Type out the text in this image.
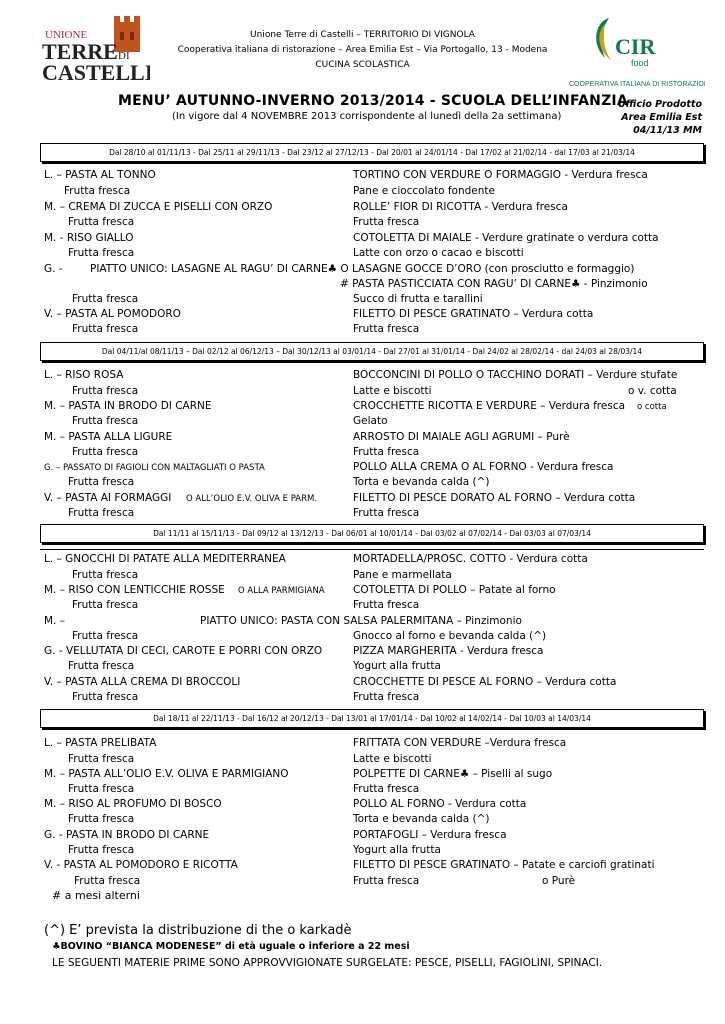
UNIONE
TERRE DI
CASTELLI
Unione Terre di Castelli – TERRITORIO DI VIGNOLA
Cooperativa italiana di ristorazione – Area Emilia Est – Via Portogallo, 13 - Modena
CUCINA SCOLASTICA
CIR
food
COOPERATIVA ITALIANA DI RISTORAZIONE
MENU’ AUTUNNO-INVERNO 2013/2014 - SCUOLA DELL’INFANZIA
(In vigore dal 4 NOVEMBRE 2013 corrispondente al lunedì della 2a settimana)
Ufficio Prodotto
Area Emilia Est
04/11/13 MM
Dal 28/10 al 01/11/13 - Dal 25/11 al 29/11/13 - Dal 23/12 al 27/12/13 - Dal 20/01 al 24/01/14 - Dal 17/02 al 21/02/14 - dal 17/03 al 21/03/14
L. – PASTA AL TONNO	TORTINO CON VERDURE O FORMAGGIO - Verdura fresca
Frutta fresca	Pane e cioccolato fondente
M. – CREMA DI ZUCCA E PISELLI CON ORZO	ROLLE’ FIOR DI RICOTTA - Verdura fresca
Frutta fresca	Frutta fresca
M. - RISO GIALLO	COTOLETTA DI MAIALE - Verdure gratinate o verdura cotta
Frutta fresca	Latte con orzo o cacao e biscotti
G. -	PIATTO UNICO: LASAGNE AL RAGU’ DI CARNE♣ O LASAGNE GOCCE D’ORO (con prosciutto e formaggio)
# PASTA PASTICCIATA CON RAGU’ DI CARNE♣ - Pinzimonio
Frutta fresca	Succo di frutta e tarallini
V. – PASTA AL POMODORO	FILETTO DI PESCE GRATINATO – Verdura cotta
Frutta fresca	Frutta fresca
Dal 04/11/al 08/11/13 – Dal 02/12 al 06/12/13 – Dal 30/12/13 al 03/01/14 - Dal 27/01 al 31/01/14 - Dal 24/02 al 28/02/14 - dal 24/03 al 28/03/14
L. – RISO ROSA	BOCCONCINI DI POLLO O TACCHINO DORATI – Verdure stufate
Frutta fresca	Latte e biscotti	o v. cotta
M. – PASTA IN BRODO DI CARNE	CROCCHETTE RICOTTA E VERDURE – Verdura fresca o cotta
Frutta fresca	Gelato
M. – PASTA ALLA LIGURE	ARROSTO DI MAIALE AGLI AGRUMI – Purè
Frutta fresca	Frutta fresca
G. – PASSATO DI FAGIOLI CON MALTAGLIATI O PASTA	POLLO ALLA CREMA O AL FORNO - Verdura fresca
Frutta fresca	Torta e bevanda calda (^)
V. – PASTA AI FORMAGGI O ALL’OLIO E.V. OLIVA E PARM.	FILETTO DI PESCE DORATO AL FORNO – Verdura cotta
Frutta fresca	Frutta fresca
Dal 11/11 al 15/11/13 - Dal 09/12 al 13/12/13 - Dal 06/01 al 10/01/14 - Dal 03/02 al 07/02/14 - Dal 03/03 al 07/03/14
L. – GNOCCHI DI PATATE ALLA MEDITERRANEA	MORTADELLA/PROSC. COTTO - Verdura cotta
Frutta fresca	Pane e marmellata
M. – RISO CON LENTICCHIE ROSSE O ALLA PARMIGIANA	COTOLETTA DI POLLO – Patate al forno
Frutta fresca	Frutta fresca
M. –	PIATTO UNICO: PASTA CON SALSA PALERMITANA – Pinzimonio
Frutta fresca	Gnocco al forno e bevanda calda (^)
G. - VELLUTATA DI CECI, CAROTE E PORRI CON ORZO	PIZZA MARGHERITA - Verdura fresca
Frutta fresca	Yogurt alla frutta
V. – PASTA ALLA CREMA DI BROCCOLI	CROCCHETTE DI PESCE AL FORNO – Verdura cotta
Frutta fresca	Frutta fresca
Dal 18/11 al 22/11/13 - Dal 16/12 al 20/12/13 - Dal 13/01 al 17/01/14 - Dal 10/02 al 14/02/14 - Dal 10/03 al 14/03/14
L. – PASTA PRELIBATA	FRITTATA CON VERDURE –Verdura fresca
Frutta fresca	Latte e biscotti
M. – PASTA ALL’OLIO E.V. OLIVA E PARMIGIANO	POLPETTE DI CARNE♣ – Piselli al sugo
Frutta fresca	Frutta fresca
M. – RISO AL PROFUMO DI BOSCO	POLLO AL FORNO - Verdura cotta
Frutta fresca	Torta e bevanda calda (^)
G. - PASTA IN BRODO DI CARNE	PORTAFOGLI – Verdura fresca
Frutta fresca	Yogurt alla frutta
V. - PASTA AL POMODORO E RICOTTA	FILETTO DI PESCE GRATINATO – Patate e carciofi gratinati
Frutta fresca	Frutta fresca	o Purè
# a mesi alterni
(^) E’ prevista la distribuzione di the o karkadè
♣BOVINO “BIANCA MODENESE” di età uguale o inferiore a 22 mesi
LE SEGUENTI MATERIE PRIME SONO APPROVVIGIONATE SURGELATE: PESCE, PISELLI, FAGIOLINI, SPINACI.
